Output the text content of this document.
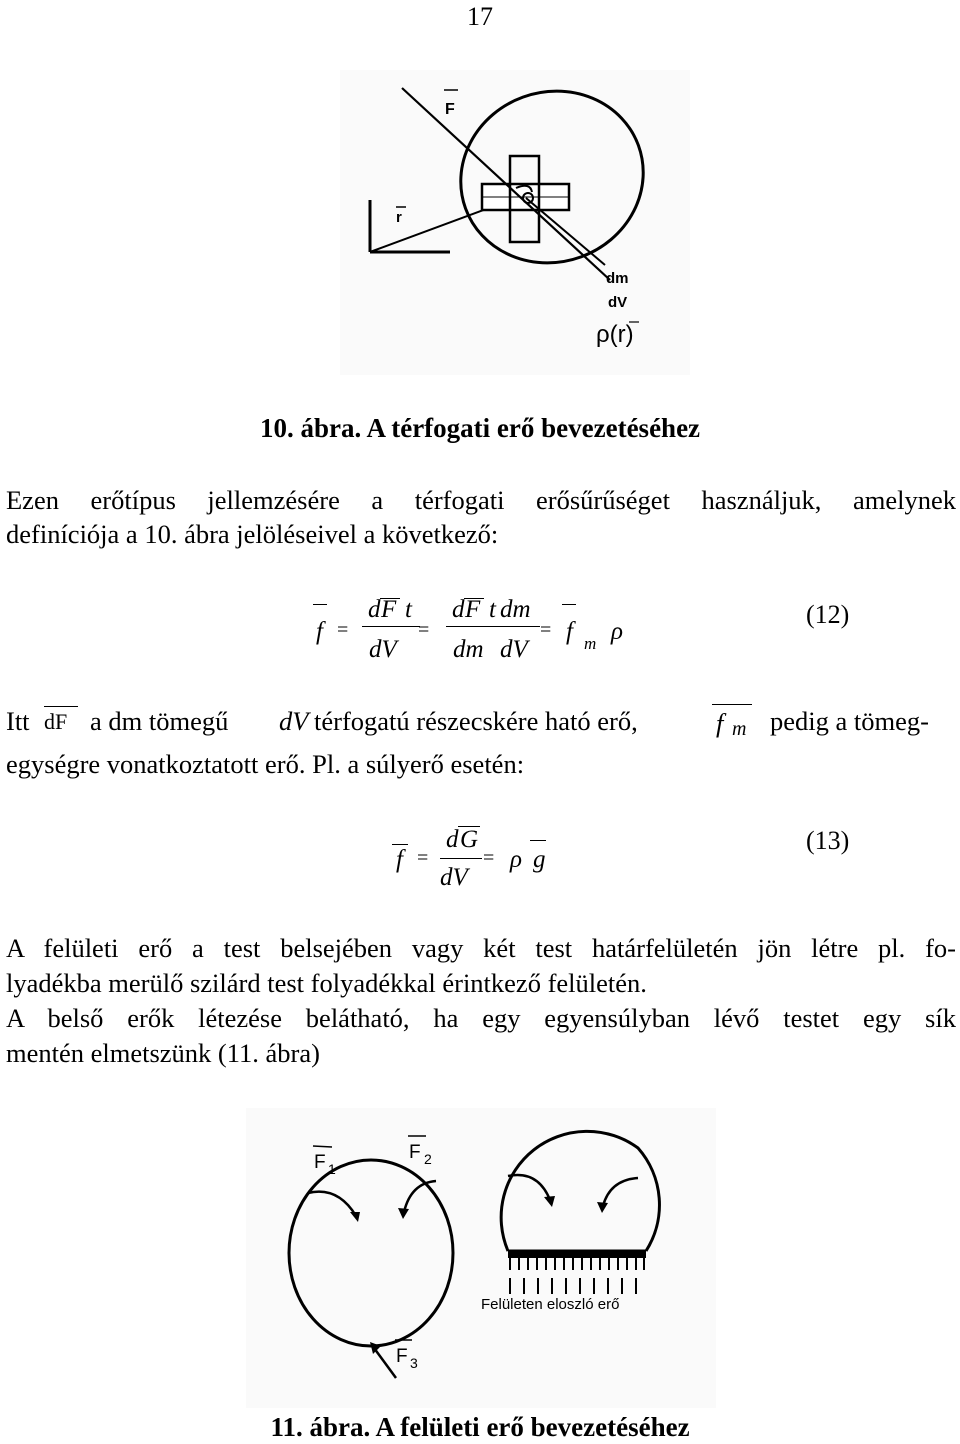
17
F
r
dm
dV
ρ(r)
10. ábra. A térfogati erő bevezetéséhez
Ezen erőtípus jellemzésére a térfogati erősűrűséget használjuk, amelynek
definíciója a 10. ábra jelöléseivel a következő:
f =
d F t
dV
=
d F t
dm
dm
dV
= f m ρ
(12)
Itt dF a dm tömegű dV térfogatú részecskére ható erő,	f m pedig a tömeg-
egységre vonatkoztatott erő. Pl. a súlyerő esetén:
f =
d G
dV
= ρ g
(13)
A felületi erő a test belsejében vagy két test határfelületén jön létre pl. fo-
lyadékba merülő szilárd test folyadékkal érintkező felületén.
A belső erők létezése belátható, ha egy egyensúlyban lévő testet egy sík
mentén elmetszünk (11. ábra)
F 1
F 2
F 3
Felületen eloszló erő
11. ábra. A felületi erő bevezetéséhez
